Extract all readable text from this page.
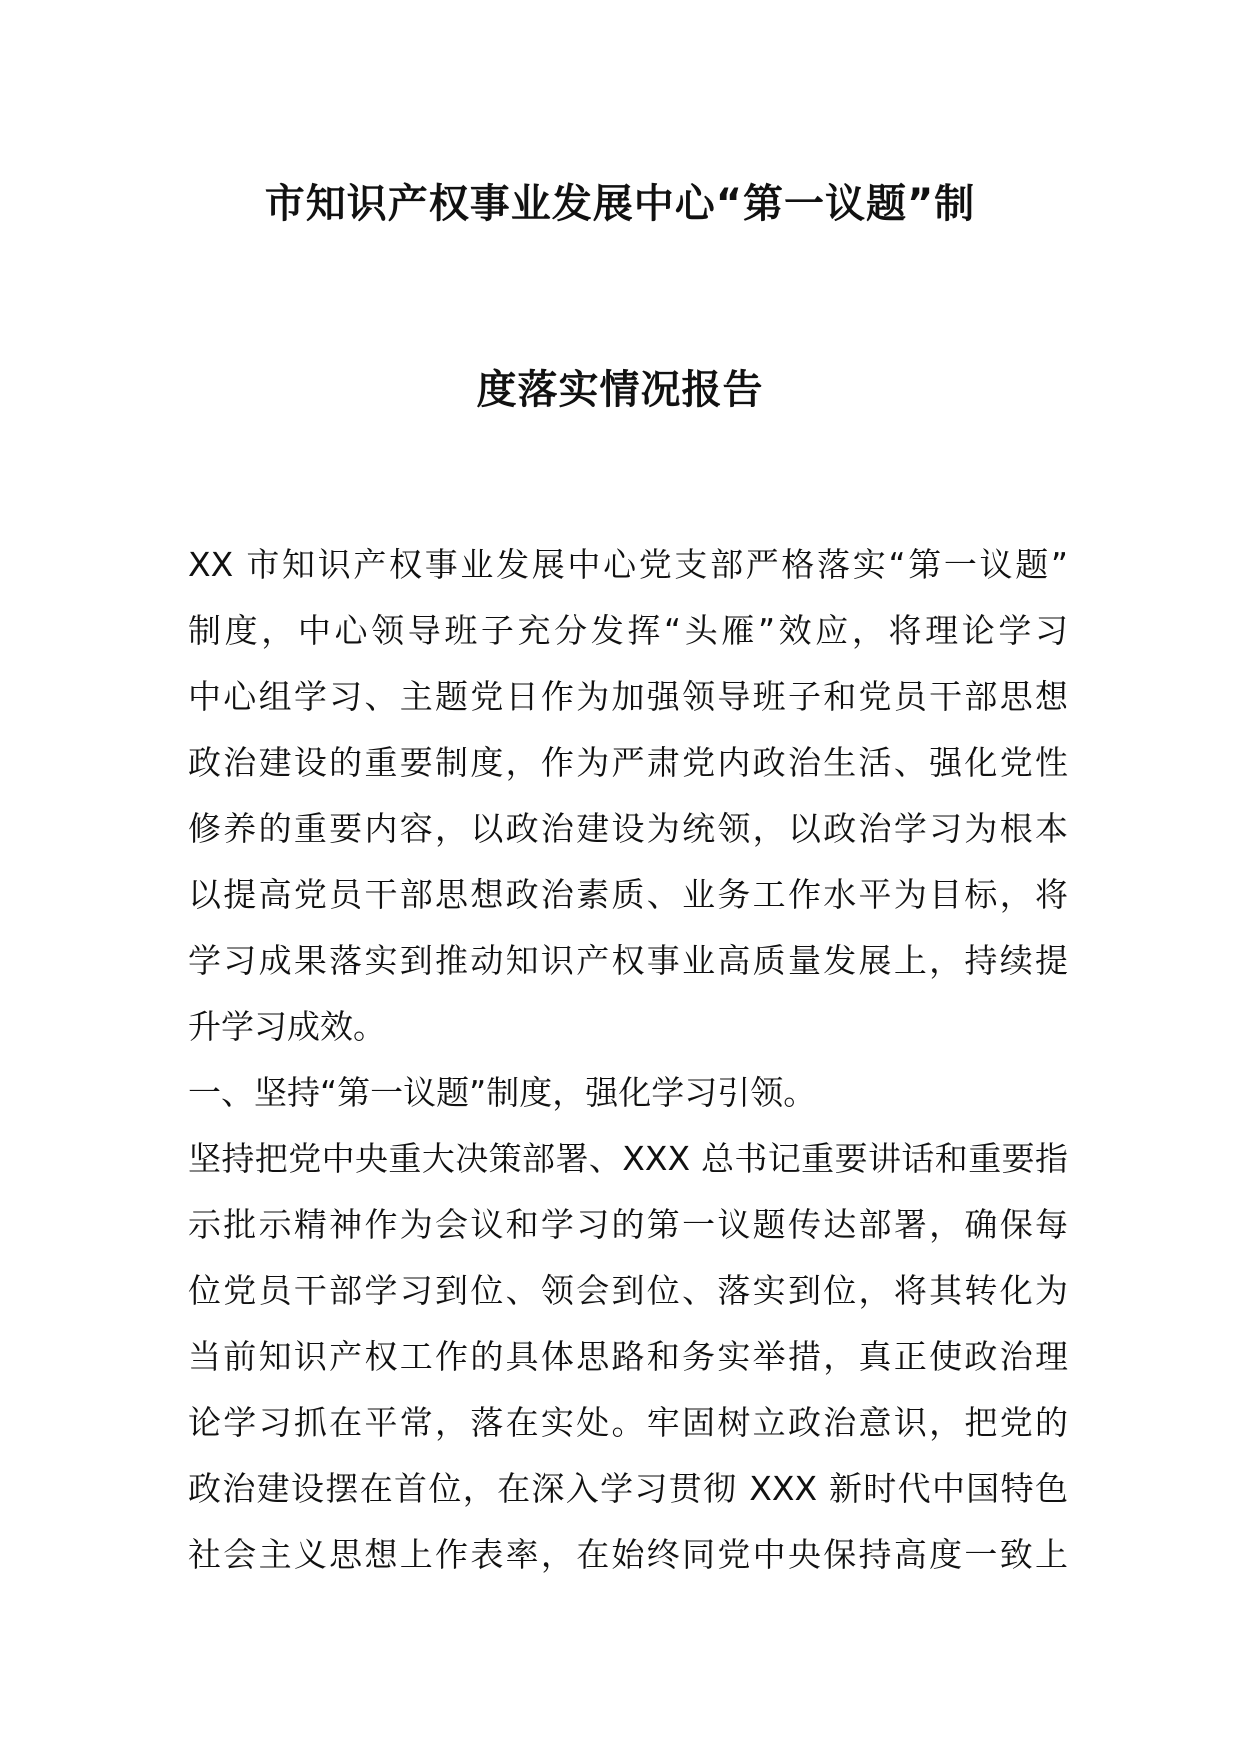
市知识产权事业发展中心“第一议题”制
度落实情况报告
XX 市知识产权事业发展中心党支部严格落实“第一议题”
制度，中心领导班子充分发挥“头雁”效应，将理论学习
中心组学习、主题党日作为加强领导班子和党员干部思想
政治建设的重要制度，作为严肃党内政治生活、强化党性
修养的重要内容，以政治建设为统领，以政治学习为根本
以提高党员干部思想政治素质、业务工作水平为目标，将
学习成果落实到推动知识产权事业高质量发展上，持续提
升学习成效。
一、坚持“第一议题”制度，强化学习引领。
坚持把党中央重大决策部署、XXX 总书记重要讲话和重要指
示批示精神作为会议和学习的第一议题传达部署，确保每
位党员干部学习到位、领会到位、落实到位，将其转化为
当前知识产权工作的具体思路和务实举措，真正使政治理
论学习抓在平常，落在实处。牢固树立政治意识，把党的
政治建设摆在首位，在深入学习贯彻 XXX 新时代中国特色
社会主义思想上作表率，在始终同党中央保持高度一致上
